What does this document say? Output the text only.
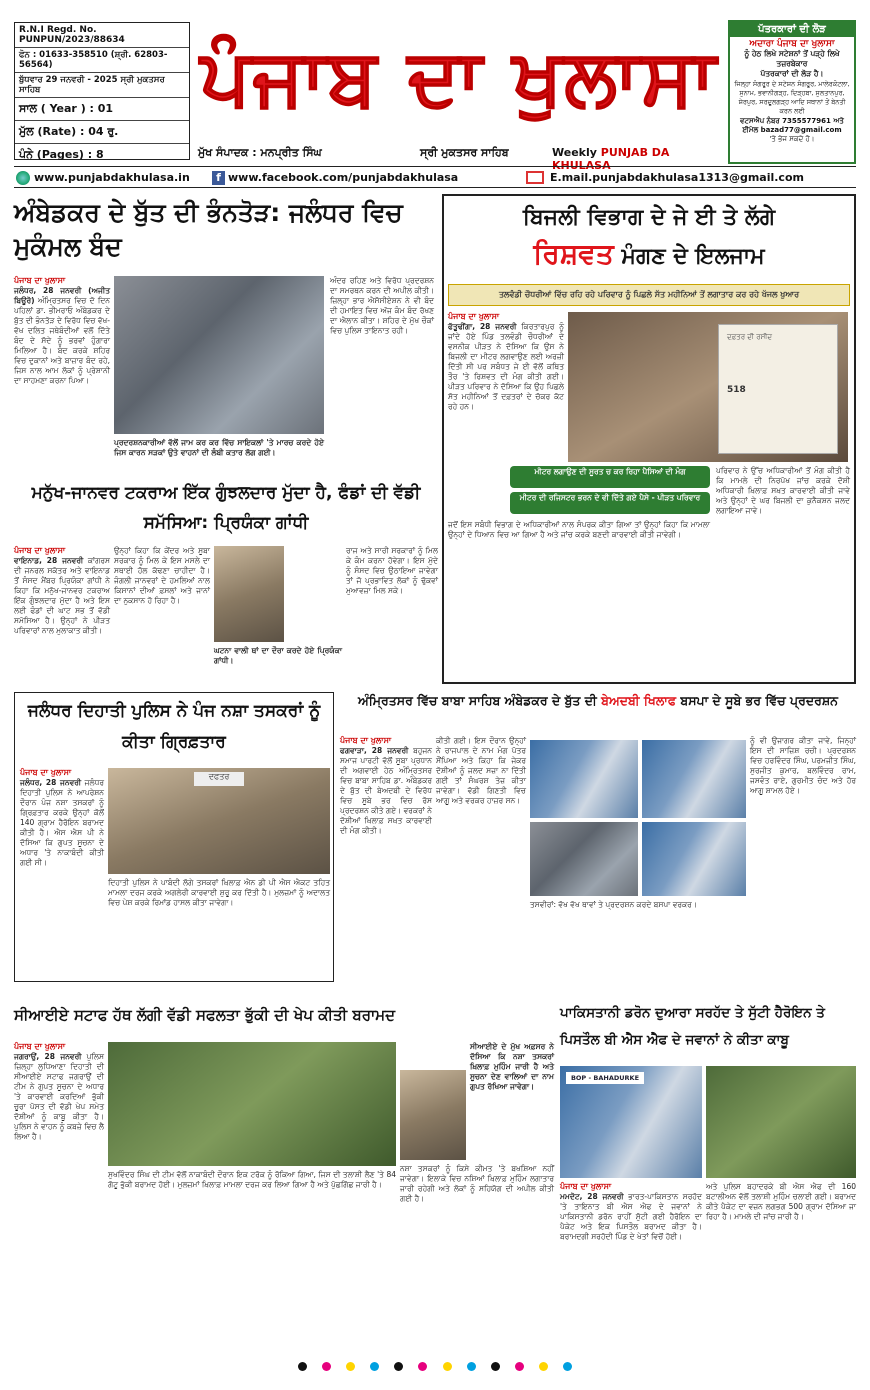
R.N.I Regd. No. PUNPUN/2023/88634
ਫੋਨ : 01633-358510 (ਸ਼੍ਰੀ. 62803-56564)
ਬੁੱਧਵਾਰ 29 ਜਨਵਰੀ - 2025 ਸ੍ਰੀ ਮੁਕਤਸਰ ਸਾਹਿਬ
ਸਾਲ ( Year ) : 01
ਮੁੱਲ (Rate) : 04 ਰੁ.
ਪੰਨੇ (Pages) : 8
ਪੰਜਾਬ ਦਾ ਖੁਲਾਸਾ
ਮੁੱਖ ਸੰਪਾਦਕ : ਮਨਪ੍ਰੀਤ ਸਿੰਘ	ਸ੍ਰੀ ਮੁਕਤਸਰ ਸਾਹਿਬ	Weekly PUNJAB DA KHULASA
ਪੱਤਰਕਾਰਾਂ ਦੀ ਲੋੜ
ਅਦਾਰਾ ਪੰਜਾਬ ਦਾ ਖੁਲਾਸਾ
ਨੂੰ ਹੇਠ ਲਿਖੇ ਸਟੇਸ਼ਨਾਂ ਤੋਂ ਪੜ੍ਹੇ ਲਿਖੇ ਤਜ਼ਰਬੇਕਾਰ
ਪੱਤਰਕਾਰਾਂ ਦੀ ਲੋੜ ਹੈ।
ਜਿਲ੍ਹਾ ਸੰਗਰੂਰ ਦੇ ਸਟੇਸ਼ਨ ਸੰਗਰੂਰ, ਮਾਲੇਰਕੋਟਲਾ, ਸੁਨਾਮ, ਭਵਾਨੀਗੜ੍ਹ, ਦਿੜ੍ਹਬਾ, ਸੁਲਤਾਨਪੁਰ, ਸ਼ੇਰਪੁਰ, ਸਰਦੂਲਗੜ੍ਹ ਆਦਿ ਸਥਾਨਾਂ ਤੋਂ ਬੇਨਤੀ ਕਰਨ ਲਈ
ਵਟਸਐਪ ਨੰਬਰ 7355577961 ਅਤੇ
ਈਮੇਲ bazad77@gmail.com
'ਤੇ ਭੇਜ ਸਕਦੇ ਹੋ।
www.punjabdakhulasa.in	f www.facebook.com/punjabdakhulasa	E.mail.punjabdakhulasa1313@gmail.com
ਅੰਬੇਡਕਰ ਦੇ ਬੁੱਤ ਦੀ ਭੰਨਤੋੜ: ਜਲੰਧਰ ਵਿਚ ਮੁਕੰਮਲ ਬੰਦ
ਪੰਜਾਬ ਦਾ ਖੁਲਾਸਾ

ਜਲੰਧਰ, 28 ਜਨਵਰੀ (ਅਜੀਤ ਬਿਊਰੋ) ਅੰਮ੍ਰਿਤਸਰ ਵਿਚ ਦੋ ਦਿਨ ਪਹਿਲਾਂ ਡਾ. ਭੀਮਰਾਓ ਅੰਬੇਡਕਰ ਦੇ ਬੁੱਤ ਦੀ ਭੰਨਤੋੜ ਦੇ ਵਿਰੋਧ ਵਿਚ ਵੱਖ-ਵੱਖ ਦਲਿਤ ਜਥੇਬੰਦੀਆਂ ਵਲੋਂ ਦਿੱਤੇ ਬੰਦ ਦੇ ਸੱਦੇ ਨੂੰ ਭਰਵਾਂ ਹੁੰਗਾਰਾ ਮਿਲਿਆ ਹੈ। ਬੰਦ ਕਰਕੇ ਸ਼ਹਿਰ ਵਿਚ ਦੁਕਾਨਾਂ ਅਤੇ ਬਾਜ਼ਾਰ ਬੰਦ ਰਹੇ, ਜਿਸ ਨਾਲ ਆਮ ਲੋਕਾਂ ਨੂੰ ਪ੍ਰੇਸ਼ਾਨੀ ਦਾ ਸਾਹਮਣਾ ਕਰਨਾ ਪਿਆ।

ਅੰਦਰ ਰਹਿਣ ਅਤੇ ਵਿਰੋਧ ਪ੍ਰਦਰਸ਼ਨ ਦਾ ਸਮਰਥਨ ਕਰਨ ਦੀ ਅਪੀਲ ਕੀਤੀ। ਜ਼ਿਲ੍ਹਾ ਭਾਰ ਐਸੋਸੀਏਸ਼ਨ ਨੇ ਵੀ ਬੰਦ ਦੀ ਹਮਾਇਤ ਵਿਚ ਅੱਜ ਕੰਮ ਬੰਦ ਰੱਖਣ ਦਾ ਐਲਾਨ ਕੀਤਾ। ਸ਼ਹਿਰ ਦੇ ਮੁੱਖ ਚੌਕਾਂ ਵਿਚ ਪੁਲਿਸ ਤਾਇਨਾਤ ਰਹੀ।
ਪ੍ਰਦਰਸ਼ਨਕਾਰੀਆਂ ਵੱਲੋਂ ਜਾਮ ਕਰ ਕਰ ਵਿੱਚ ਸਾਇਕਲਾਂ 'ਤੇ ਮਾਰਚ ਕਰਦੇ ਹੋਏ ਜਿਸ ਕਾਰਨ ਸੜਕਾਂ ਉਤੇ ਵਾਹਨਾਂ ਦੀ ਲੰਬੀ ਕਤਾਰ ਲੱਗ ਗਈ।
ਬਿਜਲੀ ਵਿਭਾਗ ਦੇ ਜੇ ਈ ਤੇ ਲੱਗੇ
ਰਿਸ਼ਵਤ ਮੰਗਣ ਦੇ ਇਲਜਾਮ
ਤਲਵੰਡੀ ਚੌਧਰੀਆਂ ਵਿੱਚ ਰਹਿ ਰਹੇ ਪਰਿਵਾਰ ਨੂੰ ਪਿਛਲੇ ਸੱਤ ਮਹੀਨਿਆਂ ਤੋਂ ਲਗਾਤਾਰ ਕਰ ਰਹੇ ਖੱਜਲ ਖੁਆਰ
ਪੰਜਾਬ ਦਾ ਖੁਲਾਸਾ

ਫੱਤੂਢੀਂਗਾ, 28 ਜਨਵਰੀ ਕਿਰਤਾਰਪੁਰ ਨੂੰ ਜਾਂਦੇ ਹੋਏ ਪਿੰਡ ਤਲਵੰਡੀ ਚੌਧਰੀਆਂ ਦੇ ਵਸਨੀਕ ਪੀੜਤ ਨੇ ਦੱਸਿਆ ਕਿ ਉਸ ਨੇ ਬਿਜਲੀ ਦਾ ਮੀਟਰ ਲਗਵਾਉਣ ਲਈ ਅਰਜ਼ੀ ਦਿੱਤੀ ਸੀ ਪਰ ਸਬੰਧਤ ਜੇ ਈ ਵੱਲੋਂ ਕਥਿਤ ਤੌਰ 'ਤੇ ਰਿਸ਼ਵਤ ਦੀ ਮੰਗ ਕੀਤੀ ਗਈ। ਪੀੜਤ ਪਰਿਵਾਰ ਨੇ ਦੱਸਿਆ ਕਿ ਉਹ ਪਿਛਲੇ ਸੱਤ ਮਹੀਨਿਆਂ ਤੋਂ ਦਫ਼ਤਰਾਂ ਦੇ ਚੱਕਰ ਕੱਟ ਰਹੇ ਹਨ।

518
ਦਫ਼ਤਰ ਦੀ ਰਸੀਦ
ਮੀਟਰ ਲਗਾਉਣ ਦੀ ਸੂਰਤ ਚ ਕਰ ਰਿਹਾ ਪੈਸਿਆਂ ਦੀ ਮੰਗ
ਮੀਟਰ ਦੀ ਰਜਿਸਟਰ ਭਰਨ ਦੇ ਵੀ ਦਿੱਤੇ ਗਏ ਪੈਸੇ - ਪੀੜਤ ਪਰਿਵਾਰ
ਪਰਿਵਾਰ ਨੇ ਉੱਚ ਅਧਿਕਾਰੀਆਂ ਤੋਂ ਮੰਗ ਕੀਤੀ ਹੈ ਕਿ ਮਾਮਲੇ ਦੀ ਨਿਰਪੱਖ ਜਾਂਚ ਕਰਕੇ ਦੋਸ਼ੀ ਅਧਿਕਾਰੀ ਖ਼ਿਲਾਫ਼ ਸਖ਼ਤ ਕਾਰਵਾਈ ਕੀਤੀ ਜਾਵੇ ਅਤੇ ਉਨ੍ਹਾਂ ਦੇ ਘਰ ਬਿਜਲੀ ਦਾ ਕੁਨੈਕਸ਼ਨ ਜਲਦ ਲਗਾਇਆ ਜਾਵੇ।
ਜਦੋਂ ਇਸ ਸਬੰਧੀ ਵਿਭਾਗ ਦੇ ਅਧਿਕਾਰੀਆਂ ਨਾਲ ਸੰਪਰਕ ਕੀਤਾ ਗਿਆ ਤਾਂ ਉਨ੍ਹਾਂ ਕਿਹਾ ਕਿ ਮਾਮਲਾ ਉਨ੍ਹਾਂ ਦੇ ਧਿਆਨ ਵਿਚ ਆ ਗਿਆ ਹੈ ਅਤੇ ਜਾਂਚ ਕਰਕੇ ਬਣਦੀ ਕਾਰਵਾਈ ਕੀਤੀ ਜਾਵੇਗੀ।
ਮਨੁੱਖ-ਜਾਨਵਰ ਟਕਰਾਅ ਇੱਕ ਗੁੰਝਲਦਾਰ ਮੁੱਦਾ ਹੈ, ਫੰਡਾਂ ਦੀ ਵੱਡੀ ਸਮੱਸਿਆ: ਪ੍ਰਿਯੰਕਾ ਗਾਂਧੀ
ਪੰਜਾਬ ਦਾ ਖੁਲਾਸਾ

ਵਾਇਨਾਡ, 28 ਜਨਵਰੀ ਕਾਂਗਰਸ ਦੀ ਜਨਰਲ ਸਕੱਤਰ ਅਤੇ ਵਾਇਨਾਡ ਤੋਂ ਸੰਸਦ ਮੈਂਬਰ ਪ੍ਰਿਯੰਕਾ ਗਾਂਧੀ ਨੇ ਕਿਹਾ ਕਿ ਮਨੁੱਖ-ਜਾਨਵਰ ਟਕਰਾਅ ਇੱਕ ਗੁੰਝਲਦਾਰ ਮੁੱਦਾ ਹੈ ਅਤੇ ਇਸ ਲਈ ਫੰਡਾਂ ਦੀ ਘਾਟ ਸਭ ਤੋਂ ਵੱਡੀ ਸਮੱਸਿਆ ਹੈ। ਉਨ੍ਹਾਂ ਨੇ ਪੀੜਤ ਪਰਿਵਾਰਾਂ ਨਾਲ ਮੁਲਾਕਾਤ ਕੀਤੀ।

ਉਨ੍ਹਾਂ ਕਿਹਾ ਕਿ ਕੇਂਦਰ ਅਤੇ ਸੂਬਾ ਸਰਕਾਰ ਨੂੰ ਮਿਲ ਕੇ ਇਸ ਮਸਲੇ ਦਾ ਸਥਾਈ ਹੱਲ ਕੱਢਣਾ ਚਾਹੀਦਾ ਹੈ। ਜੰਗਲੀ ਜਾਨਵਰਾਂ ਦੇ ਹਮਲਿਆਂ ਨਾਲ ਕਿਸਾਨਾਂ ਦੀਆਂ ਫ਼ਸਲਾਂ ਅਤੇ ਜਾਨਾਂ ਦਾ ਨੁਕਸਾਨ ਹੋ ਰਿਹਾ ਹੈ।
ਘਟਨਾ ਵਾਲੀ ਥਾਂ ਦਾ ਦੌਰਾ ਕਰਦੇ ਹੋਏ ਪ੍ਰਿਯੰਕਾ ਗਾਂਧੀ।
ਰਾਜ ਅਤੇ ਸਾਰੀ ਸਰਕਾਰਾਂ ਨੂੰ ਮਿਲ ਕੇ ਕੰਮ ਕਰਨਾ ਹੋਵੇਗਾ। ਇਸ ਮੁੱਦੇ ਨੂੰ ਸੰਸਦ ਵਿਚ ਉਠਾਇਆ ਜਾਵੇਗਾ ਤਾਂ ਜੋ ਪ੍ਰਭਾਵਿਤ ਲੋਕਾਂ ਨੂੰ ਢੁੱਕਵਾਂ ਮੁਆਵਜ਼ਾ ਮਿਲ ਸਕੇ।
ਜਲੰਧਰ ਦਿਹਾਤੀ ਪੁਲਿਸ ਨੇ ਪੰਜ ਨਸ਼ਾ ਤਸਕਰਾਂ ਨੂੰ ਕੀਤਾ ਗ੍ਰਿਫ਼ਤਾਰ
ਪੰਜਾਬ ਦਾ ਖੁਲਾਸਾ

ਜਲੰਧਰ, 28 ਜਨਵਰੀ ਜਲੰਧਰ ਦਿਹਾਤੀ ਪੁਲਿਸ ਨੇ ਆਪਰੇਸ਼ਨ ਦੌਰਾਨ ਪੰਜ ਨਸ਼ਾ ਤਸਕਰਾਂ ਨੂੰ ਗ੍ਰਿਫ਼ਤਾਰ ਕਰਕੇ ਉਨ੍ਹਾਂ ਕੋਲੋਂ 140 ਗ੍ਰਾਮ ਹੈਰੋਇਨ ਬਰਾਮਦ ਕੀਤੀ ਹੈ। ਐਸ ਐਸ ਪੀ ਨੇ ਦੱਸਿਆ ਕਿ ਗੁਪਤ ਸੂਚਨਾ ਦੇ ਅਧਾਰ 'ਤੇ ਨਾਕਾਬੰਦੀ ਕੀਤੀ ਗਈ ਸੀ।

ਦਫਤਰ
ਦਿਹਾਤੀ ਪੁਲਿਸ ਨੇ ਪਾਬੰਦੀ ਲੱਗੇ ਤਸਕਰਾਂ ਖ਼ਿਲਾਫ਼ ਐਨ ਡੀ ਪੀ ਐਸ ਐਕਟ ਤਹਿਤ ਮਾਮਲਾ ਦਰਜ ਕਰਕੇ ਅਗਲੇਰੀ ਕਾਰਵਾਈ ਸ਼ੁਰੂ ਕਰ ਦਿੱਤੀ ਹੈ। ਮੁਲਜ਼ਮਾਂ ਨੂੰ ਅਦਾਲਤ ਵਿਚ ਪੇਸ਼ ਕਰਕੇ ਰਿਮਾਂਡ ਹਾਸਲ ਕੀਤਾ ਜਾਵੇਗਾ।
ਅੰਮ੍ਰਿਤਸਰ ਵਿੱਚ ਬਾਬਾ ਸਾਹਿਬ ਅੰਬੇਡਕਰ ਦੇ ਬੁੱਤ ਦੀ ਬੇਅਦਬੀ ਖਿਲਾਫ ਬਸਪਾ ਦੇ ਸੂਬੇ ਭਰ ਵਿੱਚ ਪ੍ਰਦਰਸ਼ਨ
ਪੰਜਾਬ ਦਾ ਖੁਲਾਸਾ

ਫਗਵਾੜਾ, 28 ਜਨਵਰੀ ਬਹੁਜਨ ਸਮਾਜ ਪਾਰਟੀ ਵੱਲੋਂ ਸੂਬਾ ਪ੍ਰਧਾਨ ਦੀ ਅਗਵਾਈ ਹੇਠ ਅੰਮ੍ਰਿਤਸਰ ਵਿਚ ਬਾਬਾ ਸਾਹਿਬ ਡਾ. ਅੰਬੇਡਕਰ ਦੇ ਬੁੱਤ ਦੀ ਬੇਅਦਬੀ ਦੇ ਵਿਰੋਧ ਵਿਚ ਸੂਬੇ ਭਰ ਵਿਚ ਰੋਸ ਪ੍ਰਦਰਸ਼ਨ ਕੀਤੇ ਗਏ। ਵਰਕਰਾਂ ਨੇ ਦੋਸ਼ੀਆਂ ਖ਼ਿਲਾਫ਼ ਸਖ਼ਤ ਕਾਰਵਾਈ ਦੀ ਮੰਗ ਕੀਤੀ।

ਕੀਤੀ ਗਈ। ਇਸ ਦੌਰਾਨ ਉਨ੍ਹਾਂ ਨੇ ਰਾਜਪਾਲ ਦੇ ਨਾਮ ਮੰਗ ਪੱਤਰ ਸੌਂਪਿਆ ਅਤੇ ਕਿਹਾ ਕਿ ਜੇਕਰ ਦੋਸ਼ੀਆਂ ਨੂੰ ਜਲਦ ਸਜ਼ਾ ਨਾ ਦਿੱਤੀ ਗਈ ਤਾਂ ਸੰਘਰਸ਼ ਤੇਜ਼ ਕੀਤਾ ਜਾਵੇਗਾ। ਵੱਡੀ ਗਿਣਤੀ ਵਿਚ ਆਗੂ ਅਤੇ ਵਰਕਰ ਹਾਜ਼ਰ ਸਨ।
ਤਸਵੀਰਾਂ: ਵੱਖ ਵੱਖ ਥਾਵਾਂ ਤੇ ਪ੍ਰਦਰਸ਼ਨ ਕਰਦੇ ਬਸਪਾ ਵਰਕਰ।
ਨੂੰ ਵੀ ਉਜਾਗਰ ਕੀਤਾ ਜਾਵੇ, ਜਿਨ੍ਹਾਂ ਇਸ ਦੀ ਸਾਜ਼ਿਸ਼ ਰਚੀ। ਪ੍ਰਦਰਸ਼ਨ ਵਿਚ ਹਰਵਿੰਦਰ ਸਿੰਘ, ਪਰਮਜੀਤ ਸਿੰਘ, ਸੁਰਜੀਤ ਕੁਮਾਰ, ਬਲਵਿੰਦਰ ਰਾਮ, ਜਸਵੰਤ ਰਾਏ, ਗੁਰਮੀਤ ਚੰਦ ਅਤੇ ਹੋਰ ਆਗੂ ਸ਼ਾਮਲ ਹੋਏ।
ਸੀਆਈਏ ਸਟਾਫ ਹੱਥ ਲੱਗੀ ਵੱਡੀ ਸਫਲਤਾ ਭੁੱਕੀ ਦੀ ਖੇਪ ਕੀਤੀ ਬਰਾਮਦ
ਪੰਜਾਬ ਦਾ ਖੁਲਾਸਾ

ਜਗਰਾਉਂ, 28 ਜਨਵਰੀ ਪੁਲਿਸ ਜ਼ਿਲ੍ਹਾ ਲੁਧਿਆਣਾ ਦਿਹਾਤੀ ਦੀ ਸੀਆਈਏ ਸਟਾਫ ਜਗਰਾਉਂ ਦੀ ਟੀਮ ਨੇ ਗੁਪਤ ਸੂਚਨਾ ਦੇ ਅਧਾਰ 'ਤੇ ਕਾਰਵਾਈ ਕਰਦਿਆਂ ਭੁੱਕੀ ਚੂਰਾ ਪੋਸਤ ਦੀ ਵੱਡੀ ਖੇਪ ਸਮੇਤ ਦੋਸ਼ੀਆਂ ਨੂੰ ਕਾਬੂ ਕੀਤਾ ਹੈ। ਪੁਲਿਸ ਨੇ ਵਾਹਨ ਨੂੰ ਕਬਜ਼ੇ ਵਿਚ ਲੈ ਲਿਆ ਹੈ।

ਸੁਖਵਿੰਦਰ ਸਿੰਘ ਦੀ ਟੀਮ ਵੱਲੋਂ ਨਾਕਾਬੰਦੀ ਦੌਰਾਨ ਇਕ ਟਰੱਕ ਨੂੰ ਰੋਕਿਆ ਗਿਆ, ਜਿਸ ਦੀ ਤਲਾਸ਼ੀ ਲੈਣ 'ਤੇ 84 ਗੱਟੂ ਭੁੱਕੀ ਬਰਾਮਦ ਹੋਈ। ਮੁਲਜ਼ਮਾਂ ਖ਼ਿਲਾਫ਼ ਮਾਮਲਾ ਦਰਜ ਕਰ ਲਿਆ ਗਿਆ ਹੈ ਅਤੇ ਪੁੱਛਗਿੱਛ ਜਾਰੀ ਹੈ।
ਨਸ਼ਾ ਤਸਕਰਾਂ ਨੂੰ ਕਿਸੇ ਕੀਮਤ 'ਤੇ ਬਖਸ਼ਿਆ ਨਹੀਂ ਜਾਵੇਗਾ। ਇਲਾਕੇ ਵਿਚ ਨਸ਼ਿਆਂ ਖ਼ਿਲਾਫ਼ ਮੁਹਿੰਮ ਲਗਾਤਾਰ ਜਾਰੀ ਰਹੇਗੀ ਅਤੇ ਲੋਕਾਂ ਨੂੰ ਸਹਿਯੋਗ ਦੀ ਅਪੀਲ ਕੀਤੀ ਗਈ ਹੈ।
ਸੀਆਈਏ ਦੇ ਮੁੱਖ ਅਫ਼ਸਰ ਨੇ ਦੱਸਿਆ ਕਿ ਨਸ਼ਾ ਤਸਕਰਾਂ ਖ਼ਿਲਾਫ਼ ਮੁਹਿੰਮ ਜਾਰੀ ਹੈ ਅਤੇ ਸੂਚਨਾ ਦੇਣ ਵਾਲਿਆਂ ਦਾ ਨਾਮ ਗੁਪਤ ਰੱਖਿਆ ਜਾਵੇਗਾ।
ਪਾਕਿਸਤਾਨੀ ਡਰੋਨ ਦੁਆਰਾ ਸਰਹੱਦ ਤੇ ਸੁੱਟੀ ਹੈਰੋਇਨ ਤੇ ਪਿਸਤੌਲ ਬੀ ਐਸ ਐਫ ਦੇ ਜਵਾਨਾਂ ਨੇ ਕੀਤਾ ਕਾਬੂ
BOP - BAHADURKE
ਪੰਜਾਬ ਦਾ ਖੁਲਾਸਾ

ਮਮਦੋਟ, 28 ਜਨਵਰੀ ਭਾਰਤ-ਪਾਕਿਸਤਾਨ ਸਰਹੱਦ 'ਤੇ ਤਾਇਨਾਤ ਬੀ ਐਸ ਐਫ ਦੇ ਜਵਾਨਾਂ ਨੇ ਪਾਕਿਸਤਾਨੀ ਡਰੋਨ ਰਾਹੀਂ ਸੁੱਟੀ ਗਈ ਹੈਰੋਇਨ ਦਾ ਪੈਕੇਟ ਅਤੇ ਇਕ ਪਿਸਤੌਲ ਬਰਾਮਦ ਕੀਤਾ ਹੈ। ਬਰਾਮਦਗੀ ਸਰਹੱਦੀ ਪਿੰਡ ਦੇ ਖੇਤਾਂ ਵਿਚੋਂ ਹੋਈ।

ਅਤੇ ਪੁਲਿਸ ਬਹਾਦਰਕੇ ਬੀ ਐਸ ਐਫ ਦੀ 160 ਬਟਾਲੀਅਨ ਵੱਲੋਂ ਤਲਾਸ਼ੀ ਮੁਹਿੰਮ ਚਲਾਈ ਗਈ। ਬਰਾਮਦ ਕੀਤੇ ਪੈਕੇਟ ਦਾ ਵਜ਼ਨ ਲਗਭਗ 500 ਗ੍ਰਾਮ ਦੱਸਿਆ ਜਾ ਰਿਹਾ ਹੈ। ਮਾਮਲੇ ਦੀ ਜਾਂਚ ਜਾਰੀ ਹੈ।
